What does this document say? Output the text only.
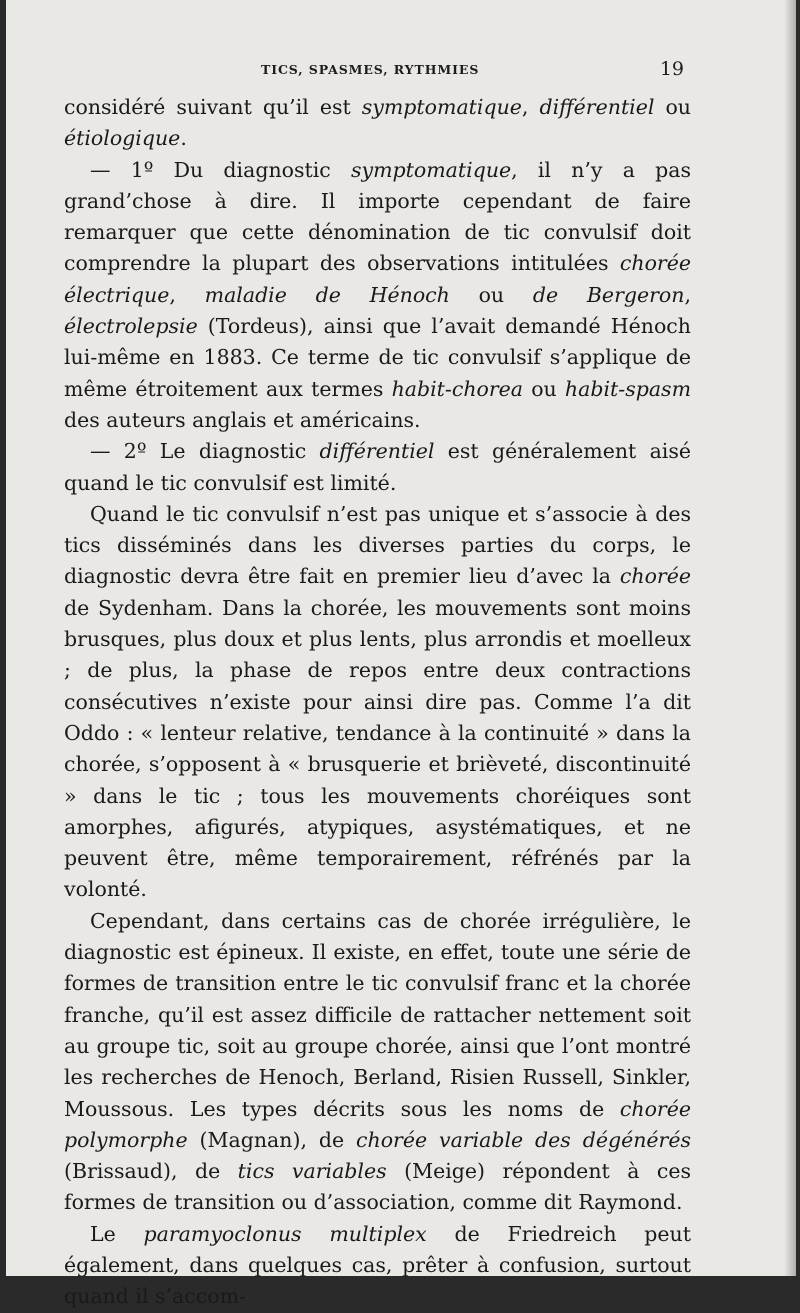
TICS, SPASMES, RYTHMIES	19

considéré suivant qu’il est symptomatique, différentiel ou étiologique.

— 1º Du diagnostic symptomatique, il n’y a pas grand’chose à dire. Il importe cependant de faire remarquer que cette dénomination de tic convulsif doit comprendre la plupart des observations intitulées chorée électrique, maladie de Hénoch ou de Bergeron, électrolepsie (Tordeus), ainsi que l’avait demandé Hénoch lui-même en 1883. Ce terme de tic convulsif s’applique de même étroitement aux termes habit-chorea ou habit-spasm des auteurs anglais et américains.

— 2º Le diagnostic différentiel est généralement aisé quand le tic convulsif est limité.

Quand le tic convulsif n’est pas unique et s’associe à des tics disséminés dans les diverses parties du corps, le diagnostic devra être fait en premier lieu d’avec la chorée de Sydenham. Dans la chorée, les mouvements sont moins brusques, plus doux et plus lents, plus arrondis et moelleux ; de plus, la phase de repos entre deux contractions consécutives n’existe pour ainsi dire pas. Comme l’a dit Oddo : « lenteur relative, tendance à la continuité » dans la chorée, s’opposent à « brusquerie et brièveté, discontinuité » dans le tic ; tous les mouvements choréiques sont amorphes, afigurés, atypiques, asystématiques, et ne peuvent être, même temporairement, réfrénés par la volonté.

Cependant, dans certains cas de chorée irrégulière, le diagnostic est épineux. Il existe, en effet, toute une série de formes de transition entre le tic convulsif franc et la chorée franche, qu’il est assez difficile de rattacher nettement soit au groupe tic, soit au groupe chorée, ainsi que l’ont montré les recherches de Henoch, Berland, Risien Russell, Sinkler, Moussous. Les types décrits sous les noms de chorée polymorphe (Magnan), de chorée variable des dégénérés (Brissaud), de tics variables (Meige) répondent à ces formes de transition ou d’association, comme dit Raymond.

Le paramyoclonus multiplex de Friedreich peut également, dans quelques cas, prêter à confusion, surtout quand il s’accom-
